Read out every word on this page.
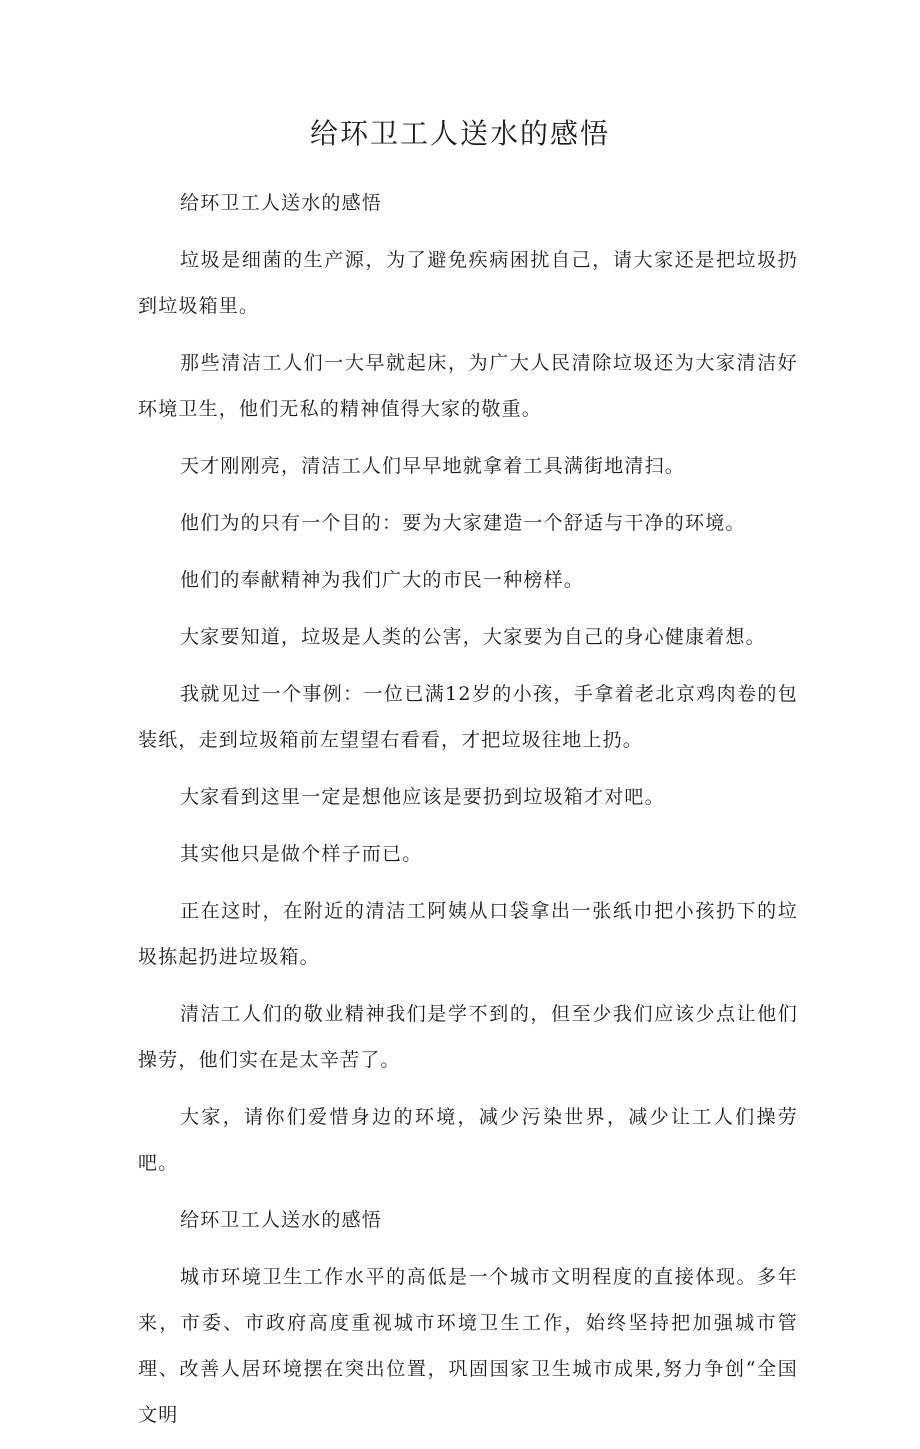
给环卫工人送水的感悟

给环卫工人送水的感悟

垃圾是细菌的生产源，为了避免疾病困扰自己，请大家还是把垃圾扔到垃圾箱里。

那些清洁工人们一大早就起床，为广大人民清除垃圾还为大家清洁好环境卫生，他们无私的精神值得大家的敬重。

天才刚刚亮，清洁工人们早早地就拿着工具满街地清扫。

他们为的只有一个目的：要为大家建造一个舒适与干净的环境。

他们的奉献精神为我们广大的市民一种榜样。

大家要知道，垃圾是人类的公害，大家要为自己的身心健康着想。

我就见过一个事例：一位已满12岁的小孩，手拿着老北京鸡肉卷的包装纸，走到垃圾箱前左望望右看看，才把垃圾往地上扔。

大家看到这里一定是想他应该是要扔到垃圾箱才对吧。

其实他只是做个样子而已。

正在这时，在附近的清洁工阿姨从口袋拿出一张纸巾把小孩扔下的垃圾拣起扔进垃圾箱。

清洁工人们的敬业精神我们是学不到的，但至少我们应该少点让他们操劳，他们实在是太辛苦了。

大家，请你们爱惜身边的环境，减少污染世界，减少让工人们操劳吧。

给环卫工人送水的感悟

城市环境卫生工作水平的高低是一个城市文明程度的直接体现。多年来，市委、市政府高度重视城市环境卫生工作，始终坚持把加强城市管理、改善人居环境摆在突出位置，巩固国家卫生城市成果,努力争创“全国文明
